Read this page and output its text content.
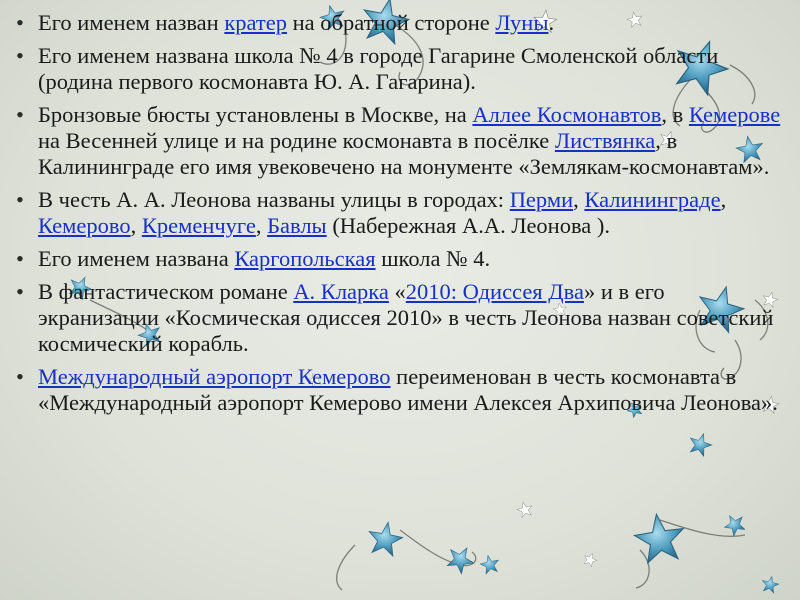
• Его именем назван кратер на обратной стороне Луны.
• Его именем названа школа № 4 в городе Гагарине Смоленской области (родина первого космонавта Ю. А. Гагарина).
• Бронзовые бюсты установлены в Москве, на Аллее Космонавтов, в Кемерове на Весенней улице и на родине космонавта в посёлке Листвянка, в Калининграде его имя увековечено на монументе «Землякам-космонавтам».
• В честь А. А. Леонова названы улицы в городах: Перми, Калининграде, Кемерово, Кременчуге, Бавлы (Набережная А.А. Леонова ).
• Его именем названа Каргопольская школа № 4.
• В фантастическом романе А. Кларка «2010: Одиссея Два» и в его экранизации «Космическая одиссея 2010» в честь Леонова назван советский космический корабль.
• Международный аэропорт Кемерово переименован в честь космонавта в «Международный аэропорт Кемерово имени Алексея Архиповича Леонова».
